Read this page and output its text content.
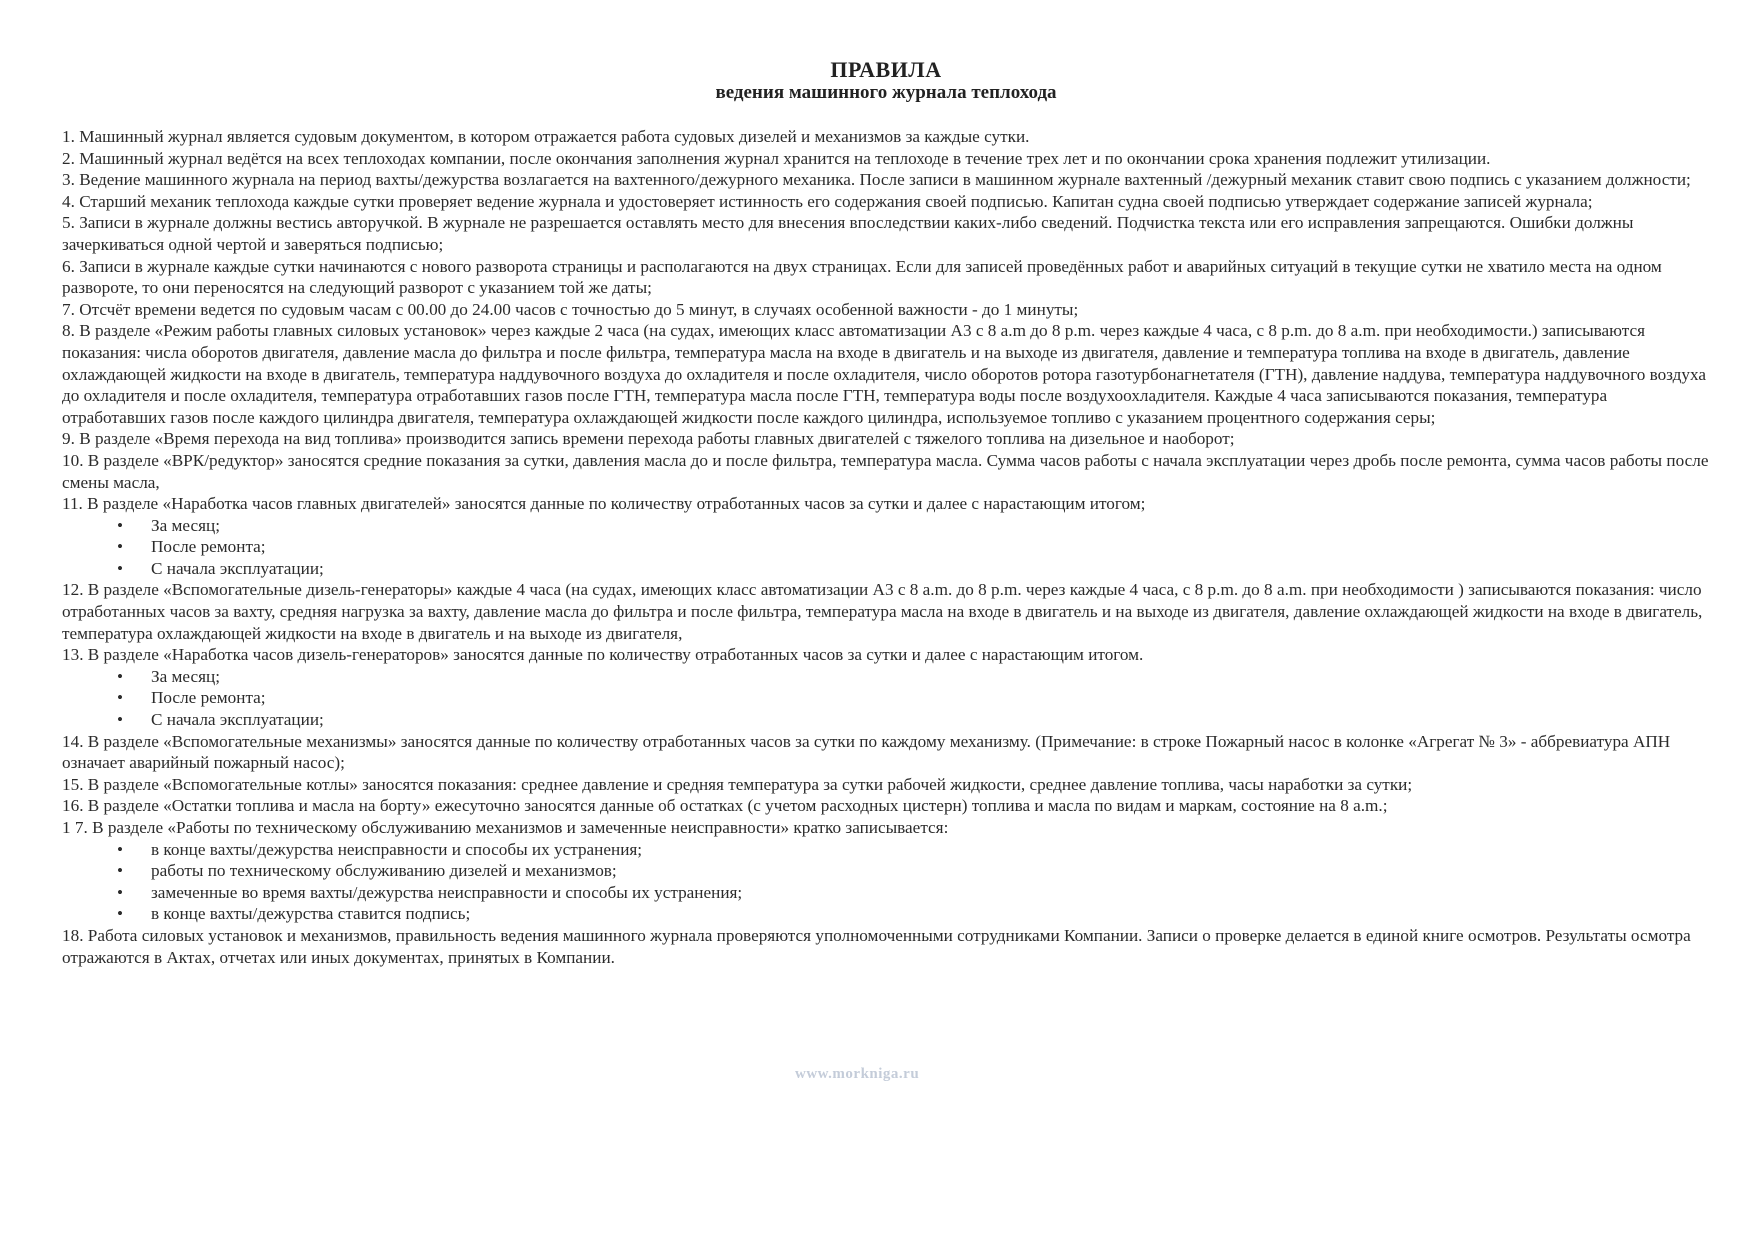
ПРАВИЛА
ведения машинного журнала теплохода

1. Машинный журнал является судовым документом, в котором отражается работа судовых дизелей и механизмов за каждые сутки.

2. Машинный журнал ведётся на всех теплоходах компании, после окончания заполнения журнал хранится на теплоходе в течение трех лет и по окончании срока хранения подлежит утилизации.

3. Ведение машинного журнала на период вахты/дежурства возлагается на вахтенного/дежурного механика. После записи в машинном журнале вахтенный /дежурный механик ставит свою подпись с указанием должности;

4. Старший механик теплохода каждые сутки проверяет ведение журнала и удостоверяет истинность его содержания своей подписью. Капитан судна своей подписью утверждает содержание записей журнала;

5. Записи в журнале должны вестись авторучкой. В журнале не разрешается оставлять место для внесения впоследствии каких-либо сведений. Подчистка текста или его исправления запрещаются. Ошибки должны зачеркиваться одной чертой и заверяться подписью;

6. Записи в журнале каждые сутки начинаются с нового разворота страницы и располагаются на двух страницах. Если для записей проведённых работ и аварийных ситуаций в текущие сутки не хватило места на одном развороте, то они переносятся на следующий разворот с указанием той же даты;

7. Отсчёт времени ведется по судовым часам с 00.00 до 24.00 часов с точностью до 5 минут, в случаях особенной важности - до 1 минуты;

8. В разделе «Режим работы главных силовых установок» через каждые 2 часа (на судах, имеющих класс автоматизации А3 с 8 a.m до 8 p.m. через каждые 4 часа, с 8 p.m. до 8 a.m. при необходимости.) записываются показания: числа оборотов двигателя, давление масла до фильтра и после фильтра, температура масла на входе в двигатель и на выходе из двигателя, давление и температура топлива на входе в двигатель, давление охлаждающей жидкости на входе в двигатель, температура наддувочного воздуха до охладителя и после охладителя, число оборотов ротора газотурбонагнетателя (ГТН), давление наддува, температура наддувочного воздуха до охладителя и после охладителя, температура отработавших газов после ГТН, температура масла после ГТН, температура воды после воздухоохладителя. Каждые 4 часа записываются показания, температура отработавших газов после каждого цилиндра двигателя, температура охлаждающей жидкости после каждого цилиндра, используемое топливо с указанием процентного содержания серы;

9. В разделе «Время перехода на вид топлива» производится запись времени перехода работы главных двигателей с тяжелого топлива на дизельное и наоборот;

10. В разделе «ВРК/редуктор» заносятся средние показания за сутки, давления масла до и после фильтра, температура масла. Сумма часов работы с начала эксплуатации через дробь после ремонта, сумма часов работы после смены масла,

11. В разделе «Наработка часов главных двигателей» заносятся данные по количеству отработанных часов за сутки и далее с нарастающим итогом;

• За месяц;
• После ремонта;
• С начала эксплуатации;

12. В разделе «Вспомогательные дизель-генераторы» каждые 4 часа (на судах, имеющих класс автоматизации А3 с 8 a.m. до 8 p.m. через каждые 4 часа, с 8 p.m. до 8 a.m. при необходимости ) записываются показания: число отработанных часов за вахту, средняя нагрузка за вахту, давление масла до фильтра и после фильтра, температура масла на входе в двигатель и на выходе из двигателя, давление охлаждающей жидкости на входе в двигатель, температура охлаждающей жидкости на входе в двигатель и на выходе из двигателя,

13. В разделе «Наработка часов дизель-генераторов» заносятся данные по количеству отработанных часов за сутки и далее с нарастающим итогом.

• За месяц;
• После ремонта;
• С начала эксплуатации;

14. В разделе «Вспомогательные механизмы» заносятся данные по количеству отработанных часов за сутки по каждому механизму. (Примечание: в строке Пожарный насос в колонке «Агрегат № 3» - аббревиатура АПН означает аварийный пожарный насос);

15. В разделе «Вспомогательные котлы» заносятся показания: среднее давление и средняя температура за сутки рабочей жидкости, среднее давление топлива, часы наработки за сутки;

16. В разделе «Остатки топлива и масла на борту» ежесуточно заносятся данные об остатках (с учетом расходных цистерн) топлива и масла по видам и маркам, состояние на 8 a.m.;

1 7. В разделе «Работы по техническому обслуживанию механизмов и замеченные неисправности» кратко записывается:

• в конце вахты/дежурства неисправности и способы их устранения;
• работы по техническому обслуживанию дизелей и механизмов;
• замеченные во время вахты/дежурства неисправности и способы их устранения;
• в конце вахты/дежурства ставится подпись;

18. Работа силовых установок и механизмов, правильность ведения машинного журнала проверяются уполномоченными сотрудниками Компании. Записи о проверке делается в единой книге осмотров. Результаты осмотра отражаются в Актах, отчетах или иных документах, принятых в Компании.

www.morkniga.ru
